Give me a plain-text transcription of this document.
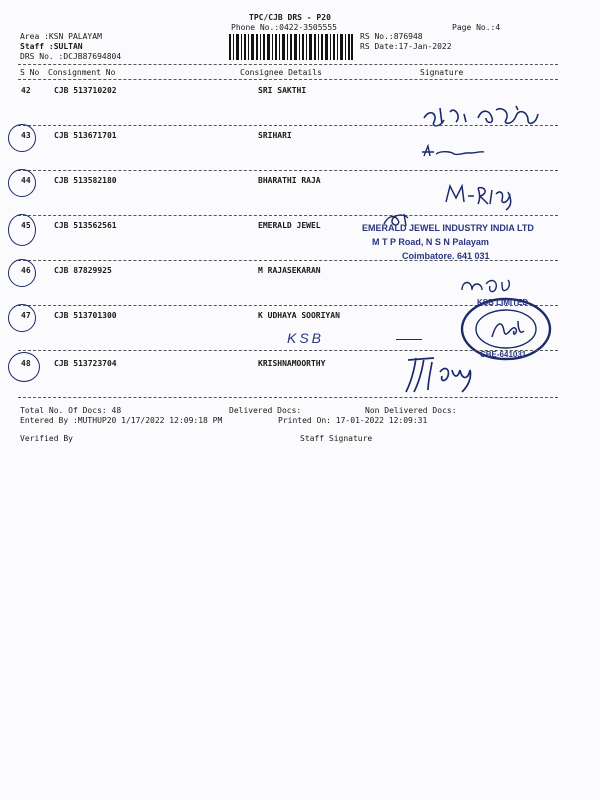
TPC/CJB DRS - P20
Phone No.:0422-3505555	Page No.:4
Area :KSN PALAYAM
Staff :SULTAN
DRS No. :DCJB87694804
RS No.:876948
RS Date:17-Jan-2022
S No Consignment No	Consignee Details	Signature
42	CJB 513710202	SRI SAKTHI
43	CJB 513671701	SRIHARI
44	CJB 513582180	BHARATHI RAJA
45	CJB 513562561	EMERALD JEWEL	EMERALD JEWEL INDUSTRY INDIA LTD
M T P Road, N S N Palayam
Coimbatore. 641 031
46	CJB 87829925	M RAJASEKARAN
47	CJB 513701300	K UDHAYA SOORIYAN
KSB
KSB LIMITED
CBE-641031
48	CJB 513723704	KRISHNAMOORTHY
Total No. Of Docs: 48	Delivered Docs:	Non Delivered Docs:
Entered By :MUTHUP20 1/17/2022 12:09:18 PM	Printed On: 17-01-2022 12:09:31
Verified By	Staff Signature
